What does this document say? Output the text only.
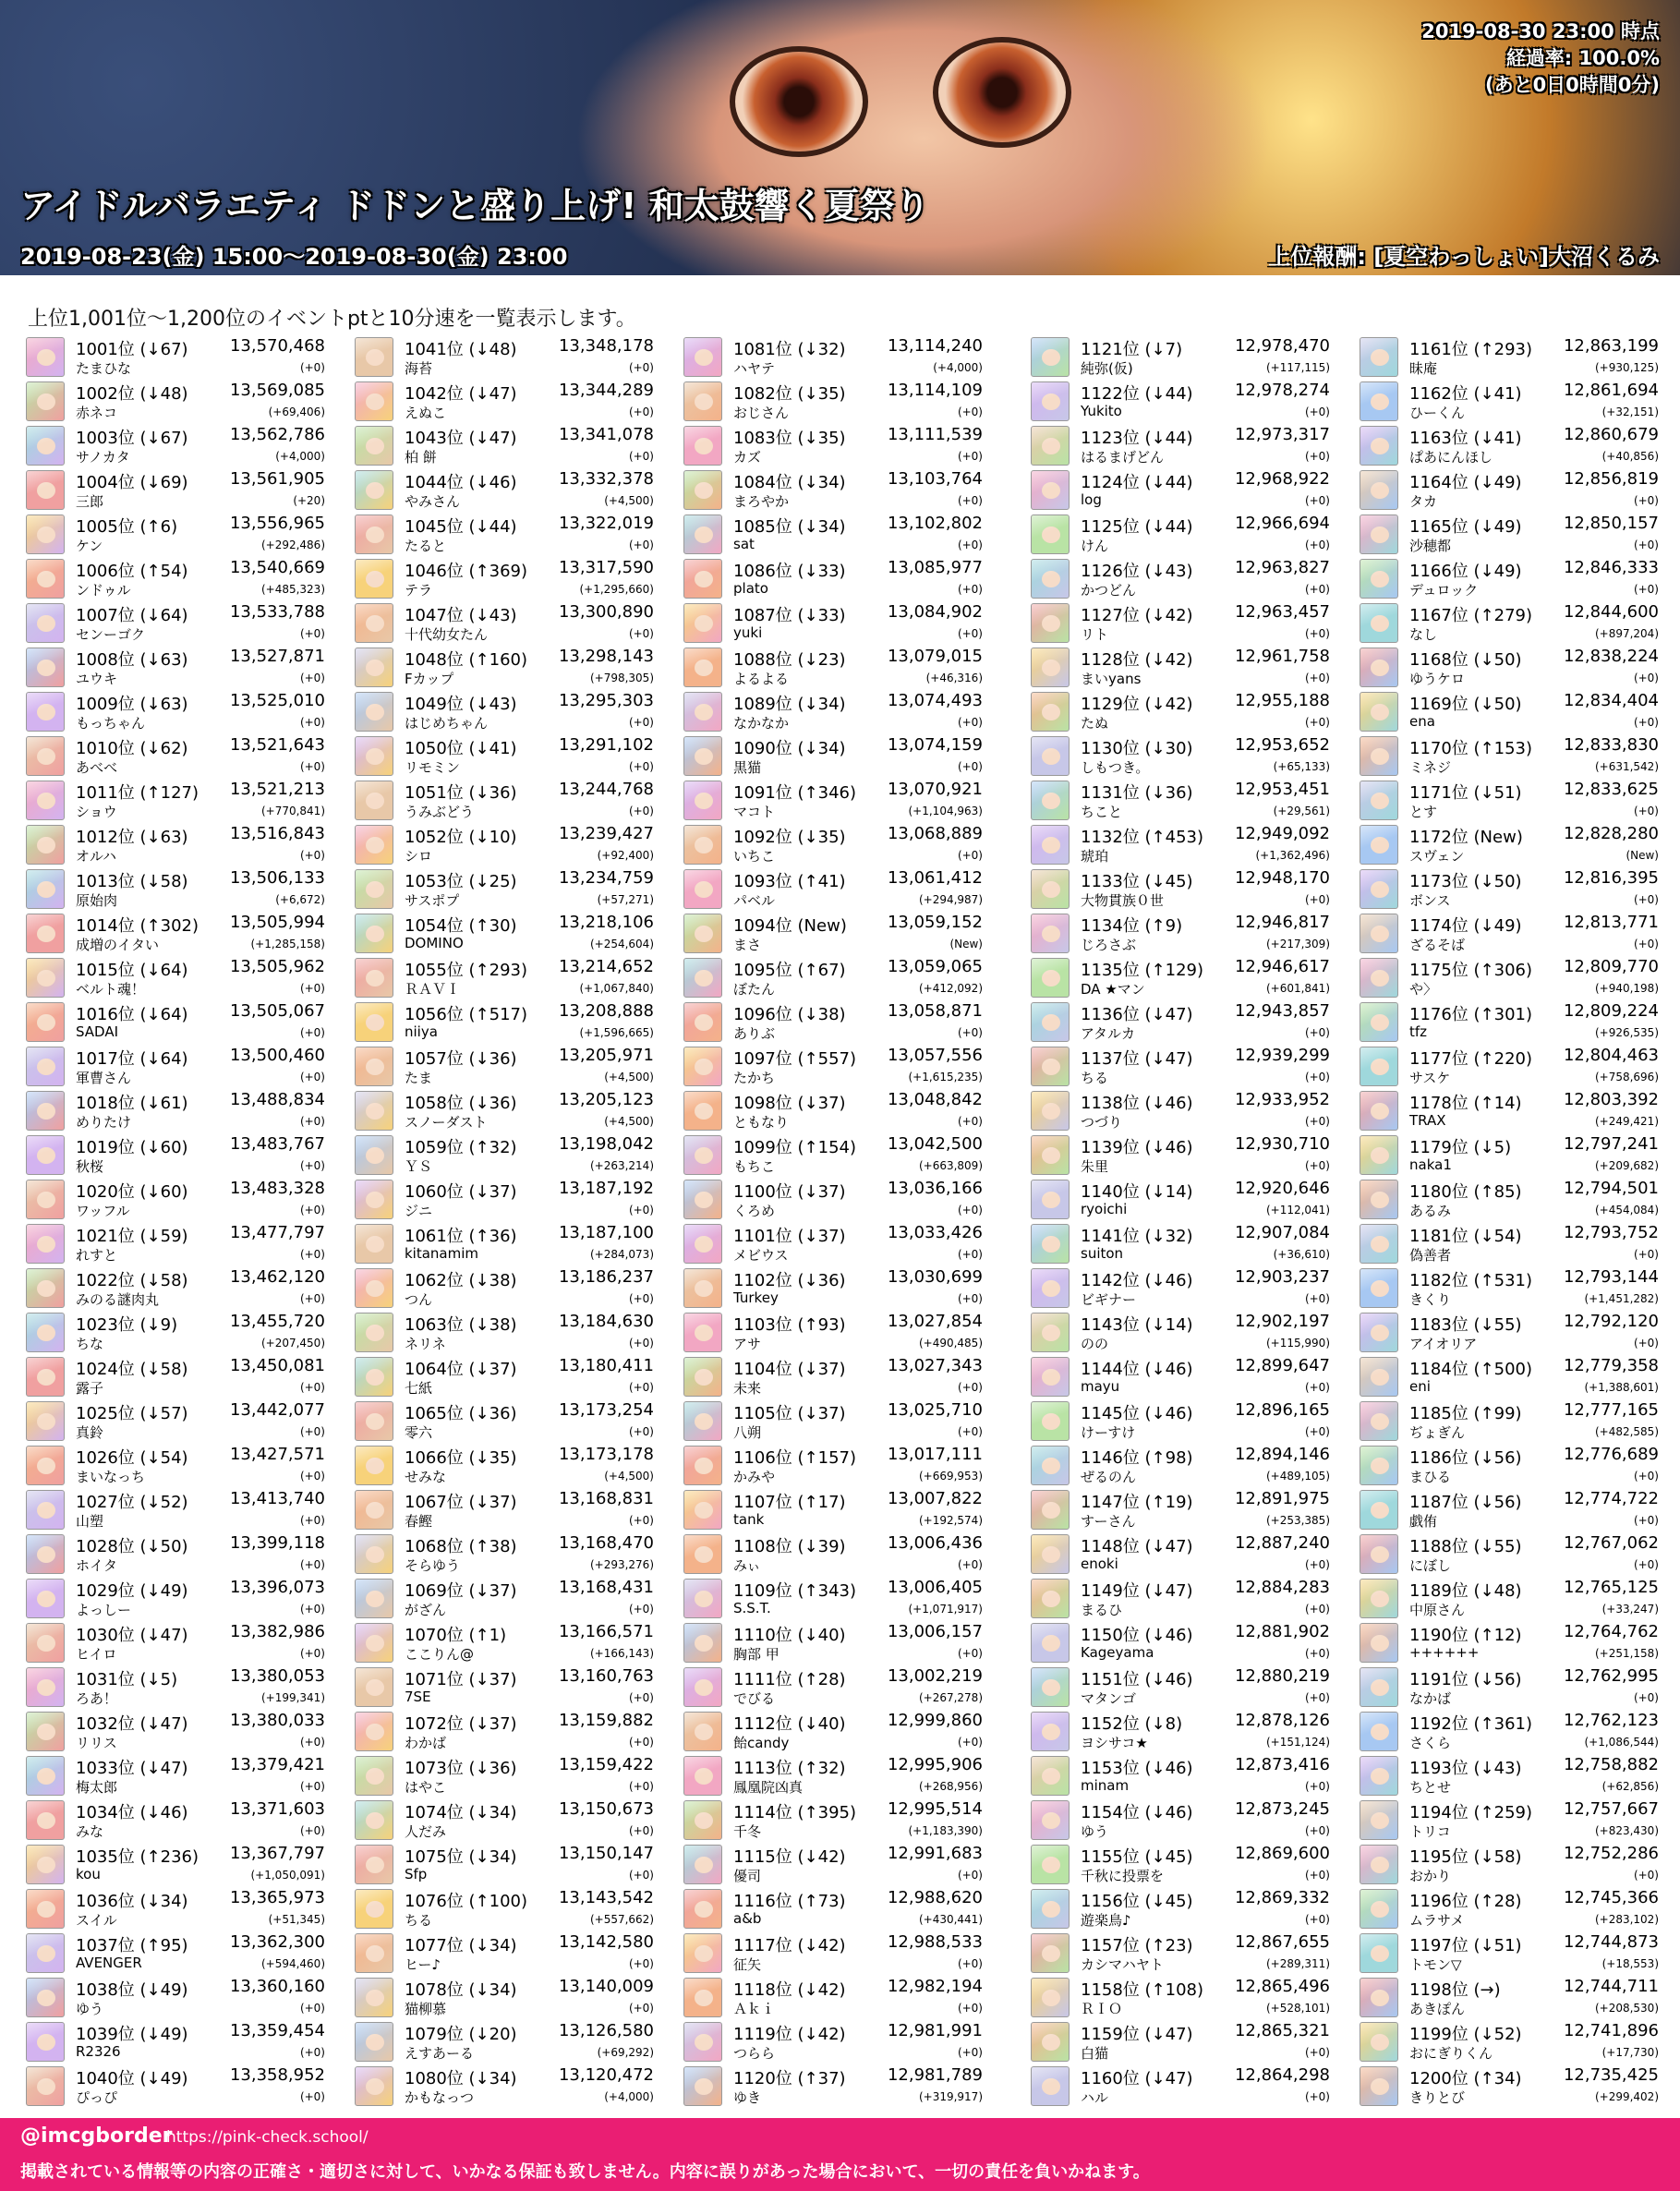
アイドルバラエティ ドドンと盛り上げ! 和太鼓響く夏祭り
2019-08-23(金) 15:00～2019-08-30(金) 23:00	上位報酬: [夏空わっしょい]大沼くるみ
2019-08-30 23:00 時点
経過率: 100.0%
(あと0日0時間0分)
上位1,001位～1,200位のイベントptと10分速を一覧表示します。
1001位 (↓67)	13,570,468
たまひな	(+0)
1002位 (↓48)	13,569,085
赤ネコ	(+69,406)
1003位 (↓67)	13,562,786
サノカタ	(+4,000)
1004位 (↓69)	13,561,905
三郎	(+20)
1005位 (↑6)	13,556,965
ケン	(+292,486)
1006位 (↑54)	13,540,669
ンドゥル	(+485,323)
1007位 (↓64)	13,533,788
センーゴク	(+0)
1008位 (↓63)	13,527,871
ユウキ	(+0)
1009位 (↓63)	13,525,010
もっちゃん	(+0)
1010位 (↓62)	13,521,643
あべべ	(+0)
1011位 (↑127) 13,521,213
ショウ	(+770,841)
1012位 (↓63)	13,516,843
オルハ	(+0)
1013位 (↓58)	13,506,133
原始肉	(+6,672)
1014位 (↑302) 13,505,994
成増のイタい	(+1,285,158)
1015位 (↓64)	13,505,962
ベルト魂！	(+0)
1016位 (↓64)	13,505,067
SADAI	(+0)
1017位 (↓64)	13,500,460
軍曹さん	(+0)
1018位 (↓61)	13,488,834
めりたけ	(+0)
1019位 (↓60)	13,483,767
秋桜	(+0)
1020位 (↓60)	13,483,328
ワッフル	(+0)
1021位 (↓59)	13,477,797
れすと	(+0)
1022位 (↓58)	13,462,120
みのる謎肉丸	(+0)
1023位 (↓9)	13,455,720
ちな	(+207,450)
1024位 (↓58)	13,450,081
露子	(+0)
1025位 (↓57)	13,442,077
真鈴	(+0)
1026位 (↓54)	13,427,571
まいなっち	(+0)
1027位 (↓52)	13,413,740
山塑	(+0)
1028位 (↓50)	13,399,118
ホイタ	(+0)
1029位 (↓49)	13,396,073
よっしー	(+0)
1030位 (↓47)	13,382,986
ヒイロ	(+0)
1031位 (↓5)	13,380,053
ろあ！	(+199,341)
1032位 (↓47)	13,380,033
リリス	(+0)
1033位 (↓47)	13,379,421
梅太郎	(+0)
1034位 (↓46)	13,371,603
みな	(+0)
1035位 (↑236) 13,367,797
kou	(+1,050,091)
1036位 (↓34)	13,365,973
スイル	(+51,345)
1037位 (↑95)	13,362,300
AVENGER	(+594,460)
1038位 (↓49)	13,360,160
ゆう	(+0)
1039位 (↓49)	13,359,454
R2326	(+0)
1040位 (↓49)	13,358,952
ぴっぴ	(+0)
1041位 (↓48)	13,348,178
海苔	(+0)
1042位 (↓47)	13,344,289
えぬこ	(+0)
1043位 (↓47)	13,341,078
柏 餅	(+0)
1044位 (↓46)	13,332,378
やみさん	(+4,500)
1045位 (↓44)	13,322,019
たると	(+0)
1046位 (↑369) 13,317,590
テラ	(+1,295,660)
1047位 (↓43)	13,300,890
十代幼女たん	(+0)
1048位 (↑160) 13,298,143
Fカップ	(+798,305)
1049位 (↓43)	13,295,303
はじめちゃん	(+0)
1050位 (↓41)	13,291,102
リモミン	(+0)
1051位 (↓36)	13,244,768
うみぶどう	(+0)
1052位 (↓10)	13,239,427
シロ	(+92,400)
1053位 (↓25)	13,234,759
サスポプ	(+57,271)
1054位 (↑30)	13,218,106
DOMINO	(+254,604)
1055位 (↑293) 13,214,652
ＲＡＶＩ	(+1,067,840)
1056位 (↑517) 13,208,888
niiya	(+1,596,665)
1057位 (↓36)	13,205,971
たま	(+4,500)
1058位 (↓36)	13,205,123
スノーダスト	(+4,500)
1059位 (↑32)	13,198,042
ＹＳ	(+263,214)
1060位 (↓37)	13,187,192
ジニ	(+0)
1061位 (↑36)	13,187,100
kitanamim	(+284,073)
1062位 (↓38)	13,186,237
つん	(+0)
1063位 (↓38)	13,184,630
ネリネ	(+0)
1064位 (↓37)	13,180,411
七紙	(+0)
1065位 (↓36)	13,173,254
零六	(+0)
1066位 (↓35)	13,173,178
せみな	(+4,500)
1067位 (↓37)	13,168,831
春鰹	(+0)
1068位 (↑38)	13,168,470
そらゆう	(+293,276)
1069位 (↓37)	13,168,431
がざん	(+0)
1070位 (↑1)	13,166,571
ここりん@	(+166,143)
1071位 (↓37)	13,160,763
7SE	(+0)
1072位 (↓37)	13,159,882
わかば	(+0)
1073位 (↓36)	13,159,422
はやこ	(+0)
1074位 (↓34)	13,150,673
人だみ	(+0)
1075位 (↓34)	13,150,147
Sfp	(+0)
1076位 (↑100) 13,143,542
ちる	(+557,662)
1077位 (↓34)	13,142,580
ヒー♪	(+0)
1078位 (↓34)	13,140,009
猫柳慕	(+0)
1079位 (↓20)	13,126,580
えすあーる	(+69,292)
1080位 (↓34)	13,120,472
かもなっつ	(+4,000)
1081位 (↓32)	13,114,240
ハヤテ	(+4,000)
1082位 (↓35)	13,114,109
おじさん	(+0)
1083位 (↓35)	13,111,539
カズ	(+0)
1084位 (↓34)	13,103,764
まろやか	(+0)
1085位 (↓34)	13,102,802
sat	(+0)
1086位 (↓33)	13,085,977
plato	(+0)
1087位 (↓33)	13,084,902
yuki	(+0)
1088位 (↓23)	13,079,015
よるよる	(+46,316)
1089位 (↓34)	13,074,493
なかなか	(+0)
1090位 (↓34)	13,074,159
黒猫	(+0)
1091位 (↑346) 13,070,921
マコト	(+1,104,963)
1092位 (↓35)	13,068,889
いちこ	(+0)
1093位 (↑41)	13,061,412
パベル	(+294,987)
1094位 (New) 13,059,152
まさ	(New)
1095位 (↑67)	13,059,065
ぼたん	(+412,092)
1096位 (↓38)	13,058,871
ありぶ	(+0)
1097位 (↑557) 13,057,556
たかち	(+1,615,235)
1098位 (↓37)	13,048,842
ともなり	(+0)
1099位 (↑154) 13,042,500
もちこ	(+663,809)
1100位 (↓37)	13,036,166
くろめ	(+0)
1101位 (↓37)	13,033,426
メビウス	(+0)
1102位 (↓36)	13,030,699
Turkey	(+0)
1103位 (↑93)	13,027,854
アサ	(+490,485)
1104位 (↓37)	13,027,343
未来	(+0)
1105位 (↓37)	13,025,710
八朔	(+0)
1106位 (↑157) 13,017,111
かみや	(+669,953)
1107位 (↑17)	13,007,822
tank	(+192,574)
1108位 (↓39)	13,006,436
みぃ	(+0)
1109位 (↑343) 13,006,405
S.S.T.	(+1,071,917)
1110位 (↓40)	13,006,157
胸部 甲	(+0)
1111位 (↑28)	13,002,219
でびる	(+267,278)
1112位 (↓40)	12,999,860
飴candy	(+0)
1113位 (↑32)	12,995,906
鳳凰院凶真	(+268,956)
1114位 (↑395) 12,995,514
千冬	(+1,183,390)
1115位 (↓42)	12,991,683
優司	(+0)
1116位 (↑73)	12,988,620
a&b	(+430,441)
1117位 (↓42)	12,988,533
征矢	(+0)
1118位 (↓42)	12,982,194
Ａｋｉ	(+0)
1119位 (↓42)	12,981,991
つらら	(+0)
1120位 (↑37)	12,981,789
ゆき	(+319,917)
1121位 (↓7)	12,978,470
純弥(仮)	(+117,115)
1122位 (↓44)	12,978,274
Yukito	(+0)
1123位 (↓44)	12,973,317
はるまげどん	(+0)
1124位 (↓44)	12,968,922
log	(+0)
1125位 (↓44)	12,966,694
けん	(+0)
1126位 (↓43)	12,963,827
かつどん	(+0)
1127位 (↓42)	12,963,457
リト	(+0)
1128位 (↓42)	12,961,758
まいyans	(+0)
1129位 (↓42)	12,955,188
たぬ	(+0)
1130位 (↓30)	12,953,652
しもつき。	(+65,133)
1131位 (↓36)	12,953,451
ちこと	(+29,561)
1132位 (↑453) 12,949,092
琥珀	(+1,362,496)
1133位 (↓45)	12,948,170
大物貫族０世	(+0)
1134位 (↑9)	12,946,817
じろさぶ	(+217,309)
1135位 (↑129) 12,946,617
DA ★マン	(+601,841)
1136位 (↓47)	12,943,857
アタルカ	(+0)
1137位 (↓47)	12,939,299
ちる	(+0)
1138位 (↓46)	12,933,952
つづり	(+0)
1139位 (↓46)	12,930,710
朱里	(+0)
1140位 (↓14)	12,920,646
ryoichi	(+112,041)
1141位 (↓32)	12,907,084
suiton	(+36,610)
1142位 (↓46)	12,903,237
ビギナー	(+0)
1143位 (↓14)	12,902,197
のの	(+115,990)
1144位 (↓46)	12,899,647
mayu	(+0)
1145位 (↓46)	12,896,165
けーすけ	(+0)
1146位 (↑98)	12,894,146
ぜるのん	(+489,105)
1147位 (↑19)	12,891,975
すーさん	(+253,385)
1148位 (↓47)	12,887,240
enoki	(+0)
1149位 (↓47)	12,884,283
まるひ	(+0)
1150位 (↓46)	12,881,902
Kageyama	(+0)
1151位 (↓46)	12,880,219
マタンゴ	(+0)
1152位 (↓8)	12,878,126
ヨシサコ★	(+151,124)
1153位 (↓46)	12,873,416
minam	(+0)
1154位 (↓46)	12,873,245
ゆう	(+0)
1155位 (↓45)	12,869,600
千秋に投票を	(+0)
1156位 (↓45)	12,869,332
遊楽鳥♪	(+0)
1157位 (↑23)	12,867,655
カシマハヤト	(+289,311)
1158位 (↑108) 12,865,496
ＲＩＯ	(+528,101)
1159位 (↓47)	12,865,321
白猫	(+0)
1160位 (↓47)	12,864,298
ハル	(+0)
1161位 (↑293) 12,863,199
昧庵	(+930,125)
1162位 (↓41)	12,861,694
ひーくん	(+32,151)
1163位 (↓41)	12,860,679
ぱあにんほし	(+40,856)
1164位 (↓49)	12,856,819
タカ	(+0)
1165位 (↓49)	12,850,157
沙穂都	(+0)
1166位 (↓49)	12,846,333
デュロック	(+0)
1167位 (↑279) 12,844,600
なし	(+897,204)
1168位 (↓50)	12,838,224
ゆうケロ	(+0)
1169位 (↓50)	12,834,404
ena	(+0)
1170位 (↑153) 12,833,830
ミネジ	(+631,542)
1171位 (↓51)	12,833,625
とす	(+0)
1172位 (New) 12,828,280
スヴェン	(New)
1173位 (↓50)	12,816,395
ボンス	(+0)
1174位 (↓49)	12,813,771
ざるそば	(+0)
1175位 (↑306) 12,809,770
や〉	(+940,198)
1176位 (↑301) 12,809,224
tfz	(+926,535)
1177位 (↑220) 12,804,463
サスケ	(+758,696)
1178位 (↑14)	12,803,392
TRAX	(+249,421)
1179位 (↓5)	12,797,241
naka1	(+209,682)
1180位 (↑85)	12,794,501
あるみ	(+454,084)
1181位 (↓54)	12,793,752
偽善者	(+0)
1182位 (↑531) 12,793,144
きくり	(+1,451,282)
1183位 (↓55)	12,792,120
アイオリア	(+0)
1184位 (↑500) 12,779,358
eni	(+1,388,601)
1185位 (↑99)	12,777,165
ぢょぎん	(+482,585)
1186位 (↓56)	12,776,689
まひる	(+0)
1187位 (↓56)	12,774,722
戯侑	(+0)
1188位 (↓55)	12,767,062
にぼし	(+0)
1189位 (↓48)	12,765,125
中原さん	(+33,247)
1190位 (↑12)	12,764,762
++++++	(+251,158)
1191位 (↓56)	12,762,995
なかば	(+0)
1192位 (↑361) 12,762,123
さくら	(+1,086,544)
1193位 (↓43)	12,758,882
ちとせ	(+62,856)
1194位 (↑259) 12,757,667
トリコ	(+823,430)
1195位 (↓58)	12,752,286
おかり	(+0)
1196位 (↑28)	12,745,366
ムラサメ	(+283,102)
1197位 (↓51)	12,744,873
トモン▽	(+18,553)
1198位 (→)	12,744,711
あきぽん	(+208,530)
1199位 (↓52)	12,741,896
おにぎりくん	(+17,730)
1200位 (↑34)	12,735,425
きりとび	(+299,402)
@imcgborder
https://pink-check.school/
掲載されている情報等の内容の正確さ・適切さに対して、いかなる保証も致しません。内容に誤りがあった場合において、一切の責任を負いかねます。
